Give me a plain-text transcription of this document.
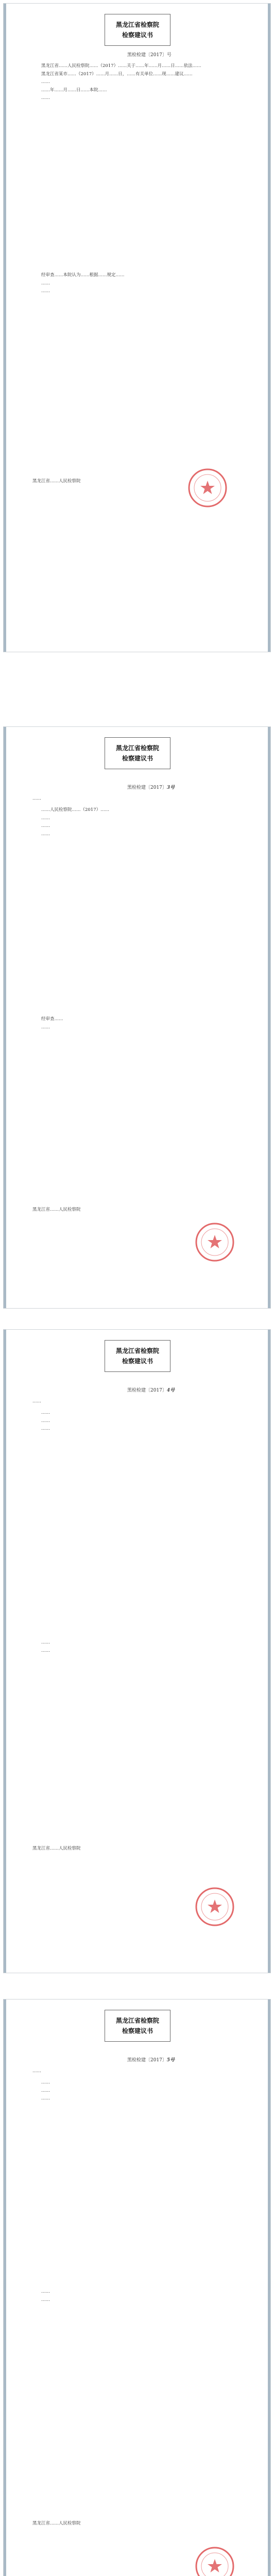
黑龙江省检察院
检察建议书
黑检检建〔2017〕号

黑龙江省……人民检察院……（2017）……关于……年……月……日……依法……

黑龙江省某市……（2017）……月……日，……有关单位……现……建议……

……

……年……月……日……本院……

……

经审查……本院认为……根据……规定……

……

……

黑龙江省……人民检察院
黑龙江省检察院
检察建议书
黑检检建〔2017〕3号
……

……人民检察院……（2017）……

……

……

……

经审查……

……

黑龙江省……人民检察院
黑龙江省检察院
检察建议书
黑检检建〔2017〕4号
……

……

……

……

……

……

黑龙江省……人民检察院
黑龙江省检察院
检察建议书
黑检检建〔2017〕5号
……

……

……

……

……

……

黑龙江省……人民检察院
